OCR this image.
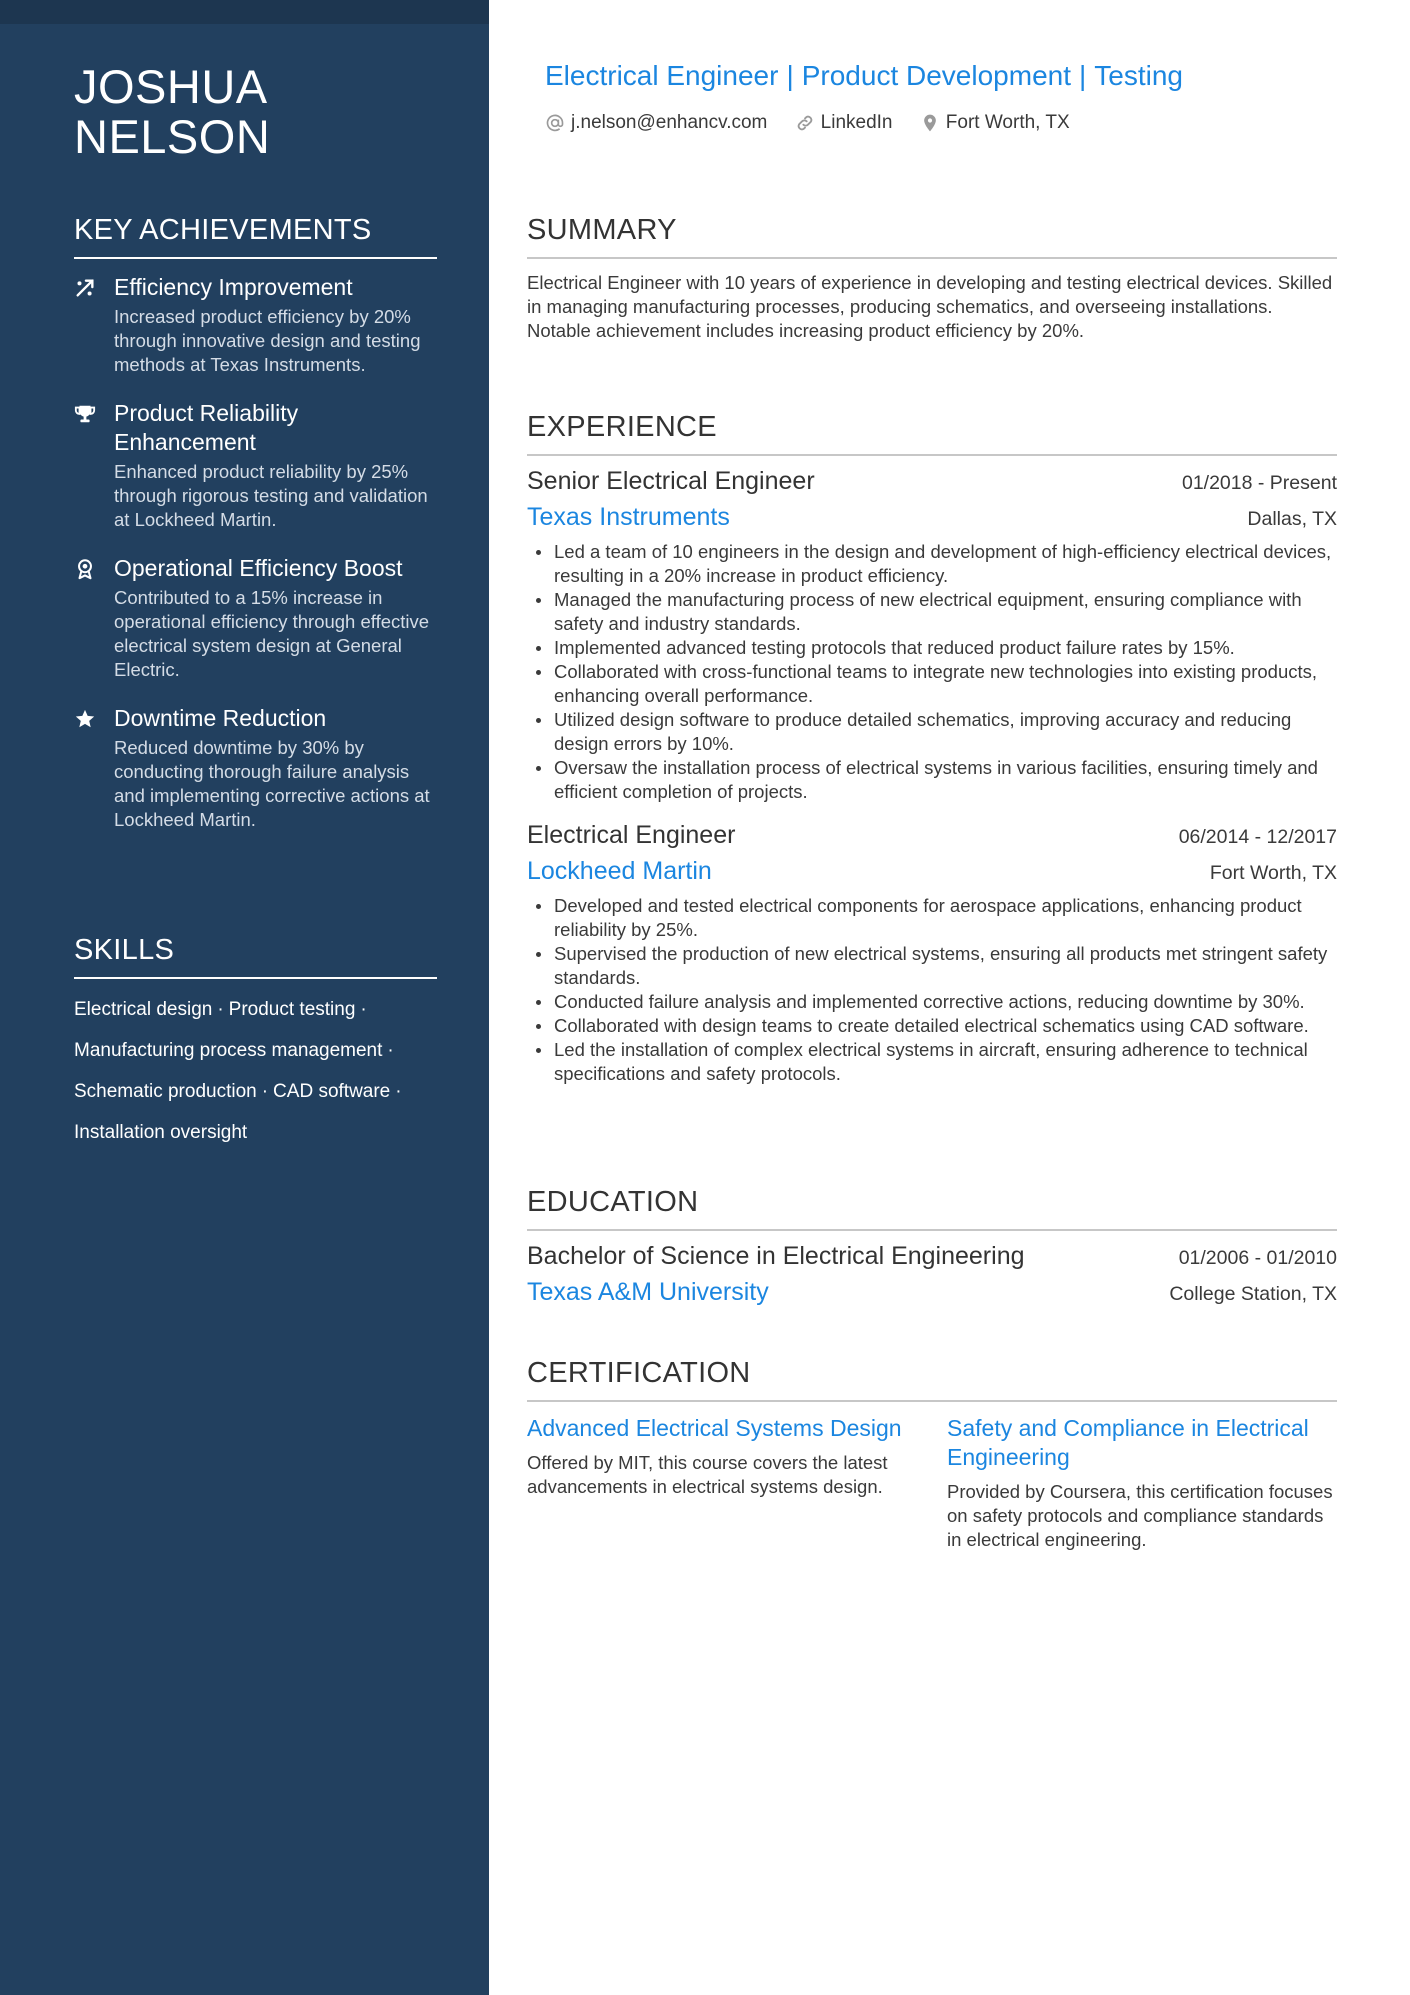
JOSHUA
NELSON
KEY ACHIEVEMENTS
Efficiency Improvement
Increased product efficiency by 20% through innovative design and testing methods at Texas Instruments.
Product Reliability Enhancement
Enhanced product reliability by 25% through rigorous testing and validation at Lockheed Martin.
Operational Efficiency Boost
Contributed to a 15% increase in operational efficiency through effective electrical system design at General Electric.
Downtime Reduction
Reduced downtime by 30% by conducting thorough failure analysis and implementing corrective actions at Lockheed Martin.
SKILLS
Electrical design · Product testing ·
Manufacturing process management ·
Schematic production · CAD software ·
Installation oversight
Electrical Engineer | Product Development | Testing
j.nelson@enhancv.com
	LinkedIn
	Fort Worth, TX
SUMMARY
Electrical Engineer with 10 years of experience in developing and testing electrical devices. Skilled in managing manufacturing processes, producing schematics, and overseeing installations. Notable achievement includes increasing product efficiency by 20%.
EXPERIENCE
Senior Electrical Engineer	01/2018 - Present
Texas Instruments	Dallas, TX
Led a team of 10 engineers in the design and development of high-efficiency electrical devices, resulting in a 20% increase in product efficiency.
Managed the manufacturing process of new electrical equipment, ensuring compliance with safety and industry standards.
Implemented advanced testing protocols that reduced product failure rates by 15%.
Collaborated with cross-functional teams to integrate new technologies into existing products, enhancing overall performance.
Utilized design software to produce detailed schematics, improving accuracy and reducing design errors by 10%.
Oversaw the installation process of electrical systems in various facilities, ensuring timely and efficient completion of projects.
Electrical Engineer	06/2014 - 12/2017
Lockheed Martin	Fort Worth, TX
Developed and tested electrical components for aerospace applications, enhancing product reliability by 25%.
Supervised the production of new electrical systems, ensuring all products met stringent safety standards.
Conducted failure analysis and implemented corrective actions, reducing downtime by 30%.
Collaborated with design teams to create detailed electrical schematics using CAD software.
Led the installation of complex electrical systems in aircraft, ensuring adherence to technical specifications and safety protocols.
EDUCATION
Bachelor of Science in Electrical Engineering	01/2006 - 01/2010
Texas A&M University	College Station, TX
CERTIFICATION
Advanced Electrical Systems Design
Offered by MIT, this course covers the latest advancements in electrical systems design.
Safety and Compliance in Electrical Engineering
Provided by Coursera, this certification focuses on safety protocols and compliance standards in electrical engineering.
